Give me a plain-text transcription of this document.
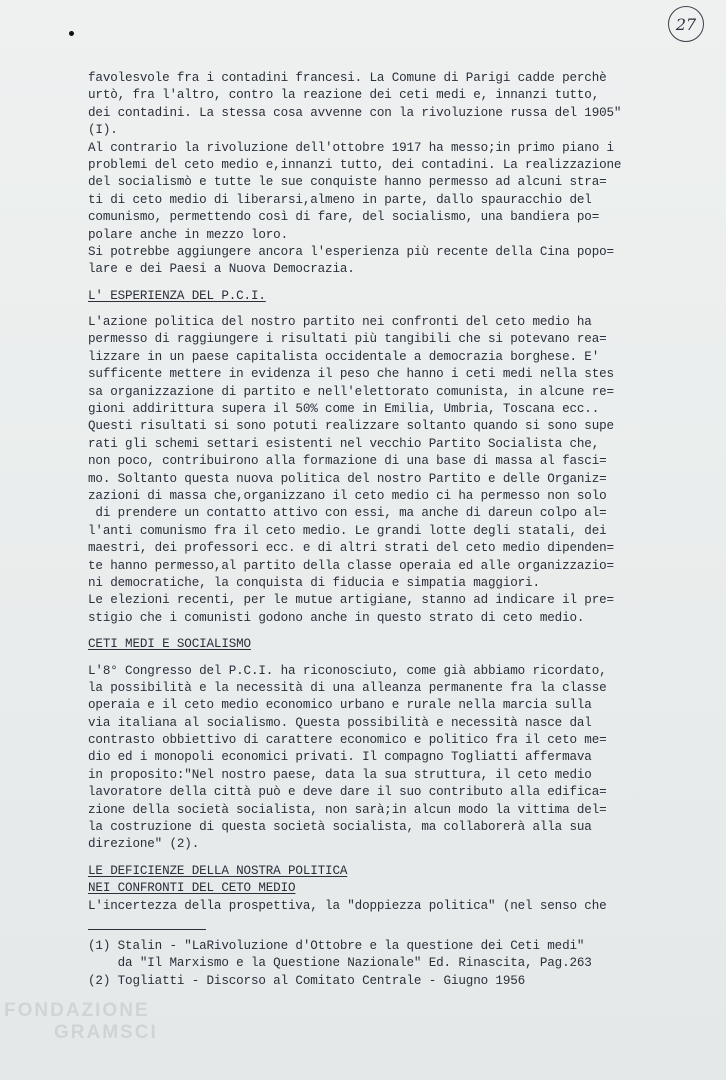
27
favolesvole fra i contadini francesi. La Comune di Parigi cadde perchè
urtò, fra l'altro, contro la reazione dei ceti medi e, innanzi tutto,
dei contadini. La stessa cosa avvenne con la rivoluzione russa del 1905"
(I).
Al contrario la rivoluzione dell'ottobre 1917 ha messo;in primo piano i
problemi del ceto medio e,innanzi tutto, dei contadini. La realizzazione
del socialismò e tutte le sue conquiste hanno permesso ad alcuni stra=
ti di ceto medio di liberarsi,almeno in parte, dallo spauracchio del
comunismo, permettendo così di fare, del socialismo, una bandiera po=
polare anche in mezzo loro.
Si potrebbe aggiungere ancora l'esperienza più recente della Cina popo=
lare e dei Paesi a Nuova Democrazia.
L' ESPERIENZA DEL P.C.I.
L'azione politica del nostro partito nei confronti del ceto medio ha
permesso di raggiungere i risultati più tangibili che si potevano rea=
lizzare in un paese capitalista occidentale a democrazia borghese. E'
sufficente mettere in evidenza il peso che hanno i ceti medi nella stes
sa organizzazione di partito e nell'elettorato comunista, in alcune re=
gioni addirittura supera il 50% come in Emilia, Umbria, Toscana ecc..
Questi risultati si sono potuti realizzare soltanto quando si sono supe
rati gli schemi settari esistenti nel vecchio Partito Socialista che,
non poco, contribuirono alla formazione di una base di massa al fasci=
mo. Soltanto questa nuova politica del nostro Partito e delle Organiz=
zazioni di massa che,organizzano il ceto medio ci ha permesso non solo
di prendere un contatto attivo con essi, ma anche di dareun colpo al=
l'anti comunismo fra il ceto medio. Le grandi lotte degli statali, dei
maestri, dei professori ecc. e di altri strati del ceto medio dipenden=
te hanno permesso,al partito della classe operaia ed alle organizzazio=
ni democratiche, la conquista di fiducia e simpatia maggiori.
Le elezioni recenti, per le mutue artigiane, stanno ad indicare il pre=
stigio che i comunisti godono anche in questo strato di ceto medio.
CETI MEDI E SOCIALISMO
L'8° Congresso del P.C.I. ha riconosciuto, come già abbiamo ricordato,
la possibilità e la necessità di una alleanza permanente fra la classe
operaia e il ceto medio economico urbano e rurale nella marcia sulla
via italiana al socialismo. Questa possibilità e necessità nasce dal
contrasto obbiettivo di carattere economico e politico fra il ceto me=
dio ed i monopoli economici privati. Il compagno Togliatti affermava
in proposito:"Nel nostro paese, data la sua struttura, il ceto medio
lavoratore della città può e deve dare il suo contributo alla edifica=
zione della società socialista, non sarà;in alcun modo la vittima del=
la costruzione di questa società socialista, ma collaborerà alla sua
direzione" (2).
LE DEFICIENZE DELLA NOSTRA POLITICA
NEI CONFRONTI DEL CETO MEDIO
L'incertezza della prospettiva, la "doppiezza politica" (nel senso che
(1) Stalin - "LaRivoluzione d'Ottobre e la questione dei Ceti medi"
da "Il Marxismo e la Questione Nazionale" Ed. Rinascita, Pag.263
(2) Togliatti - Discorso al Comitato Centrale - Giugno 1956
FONDAZIONE
GRAMSCI
